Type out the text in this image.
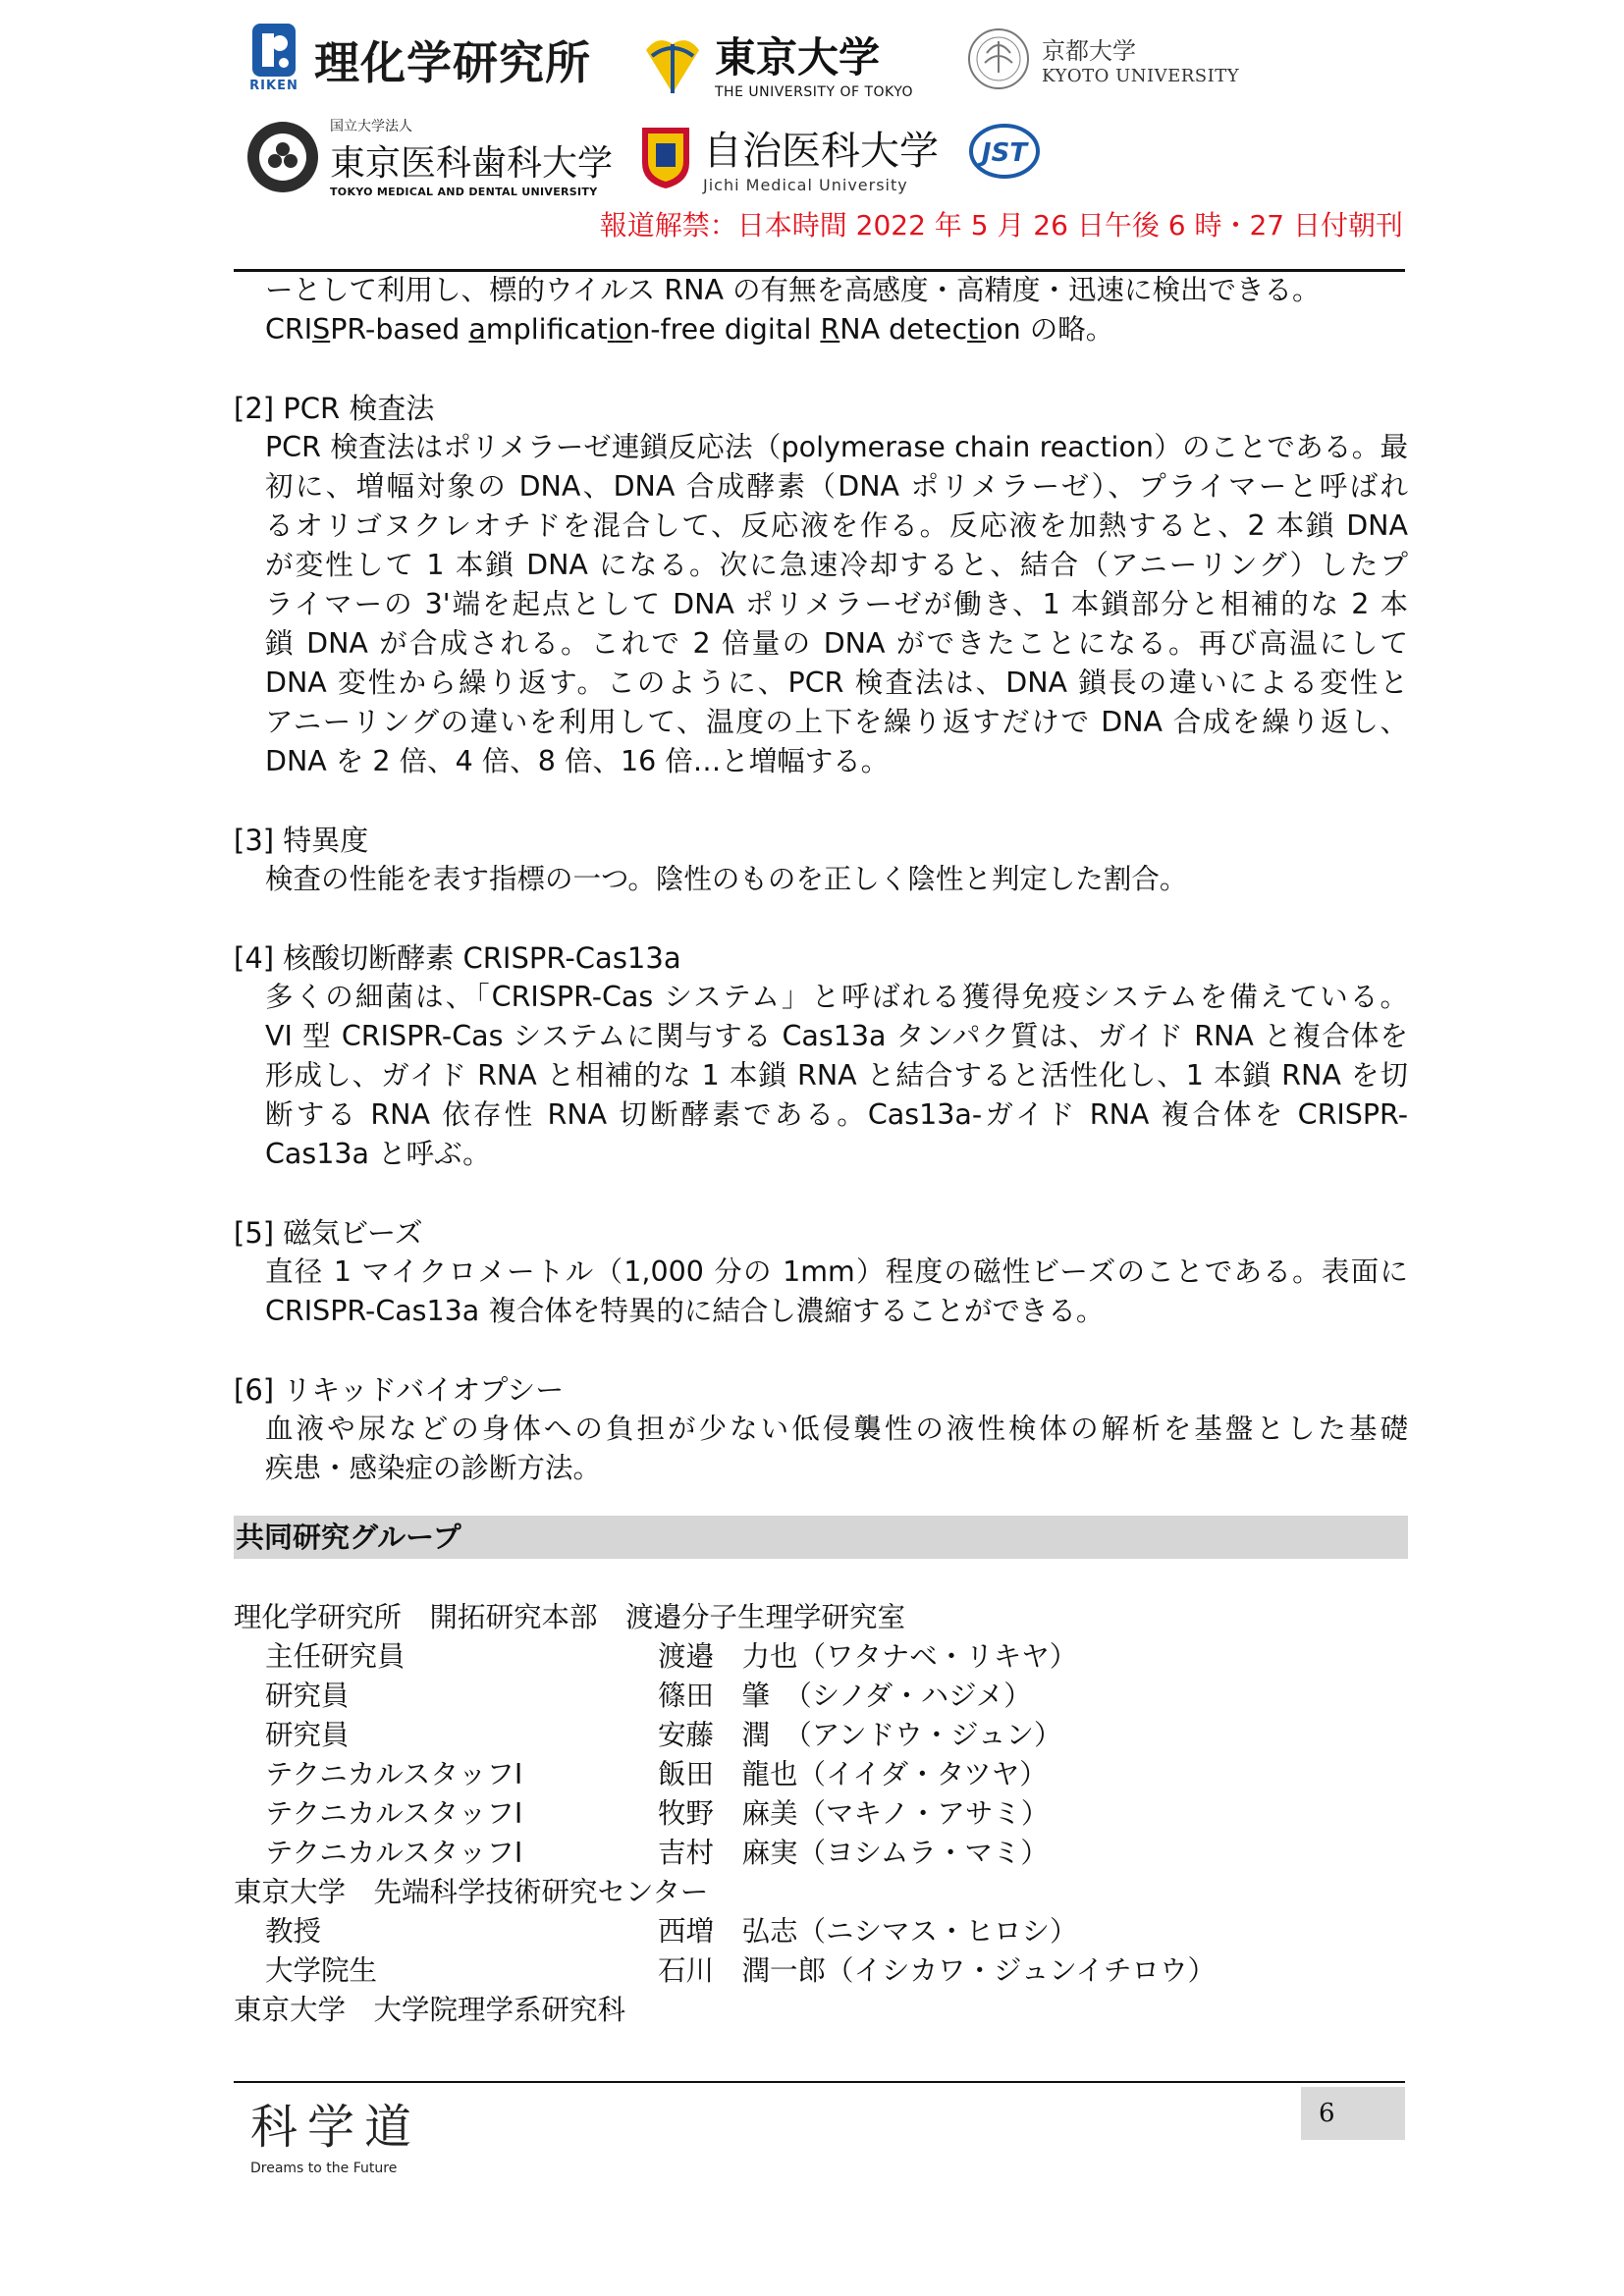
RIKEN 理化学研究所	東京大学
THE UNIVERSITY OF TOKYO
京都大学
KYOTO UNIVERSITY
国立大学法人
東京医科歯科大学
TOKYO MEDICAL AND DENTAL UNIVERSITY
自治医科大学
Jichi Medical University
JST
報道解禁：日本時間 2022 年 5 月 26 日午後 6 時・27 日付朝刊
ーとして利用し、標的ウイルス RNA の有無を高感度・高精度・迅速に検出できる。
CRISPR-based amplification-free digital RNA detection の略。
[2] PCR 検査法
PCR 検査法はポリメラーゼ連鎖反応法（polymerase chain reaction）のことである。最
初に、増幅対象の DNA、DNA 合成酵素（DNA ポリメラーゼ）、プライマーと呼ばれ
るオリゴヌクレオチドを混合して、反応液を作る。反応液を加熱すると、2 本鎖 DNA
が変性して 1 本鎖 DNA になる。次に急速冷却すると、結合（アニーリング）したプ
ライマーの 3'端を起点として DNA ポリメラーゼが働き、1 本鎖部分と相補的な 2 本
鎖 DNA が合成される。これで 2 倍量の DNA ができたことになる。再び高温にして
DNA 変性から繰り返す。このように、PCR 検査法は、DNA 鎖長の違いによる変性と
アニーリングの違いを利用して、温度の上下を繰り返すだけで DNA 合成を繰り返し、
DNA を 2 倍、4 倍、8 倍、16 倍…と増幅する。
[3] 特異度
検査の性能を表す指標の一つ。陰性のものを正しく陰性と判定した割合。
[4] 核酸切断酵素 CRISPR-Cas13a
多くの細菌は、「CRISPR-Cas システム」と呼ばれる獲得免疫システムを備えている。
VI 型 CRISPR-Cas システムに関与する Cas13a タンパク質は、ガイド RNA と複合体を
形成し、ガイド RNA と相補的な 1 本鎖 RNA と結合すると活性化し、1 本鎖 RNA を切
断する RNA 依存性 RNA 切断酵素である。Cas13a-ガイド RNA 複合体を CRISPR-
Cas13a と呼ぶ。
[5] 磁気ビーズ
直径 1 マイクロメートル（1,000 分の 1mm）程度の磁性ビーズのことである。表面に
CRISPR-Cas13a 複合体を特異的に結合し濃縮することができる。
[6] リキッドバイオプシー
血液や尿などの身体への負担が少ない低侵襲性の液性検体の解析を基盤とした基礎
疾患・感染症の診断方法。
共同研究グループ
理化学研究所　開拓研究本部　渡邉分子生理学研究室
主任研究員	渡邉　力也（ワタナベ・リキヤ）
研究員	篠田　肇　（シノダ・ハジメ）
研究員	安藤　潤　（アンドウ・ジュン）
テクニカルスタッフⅠ	飯田　龍也（イイダ・タツヤ）
テクニカルスタッフⅠ	牧野　麻美（マキノ・アサミ）
テクニカルスタッフⅠ	吉村　麻実（ヨシムラ・マミ）
東京大学　先端科学技術研究センター
教授	西増　弘志（ニシマス・ヒロシ）
大学院生	石川　潤一郎（イシカワ・ジュンイチロウ）
東京大学　大学院理学系研究科
科学道
Dreams to the Future
6
